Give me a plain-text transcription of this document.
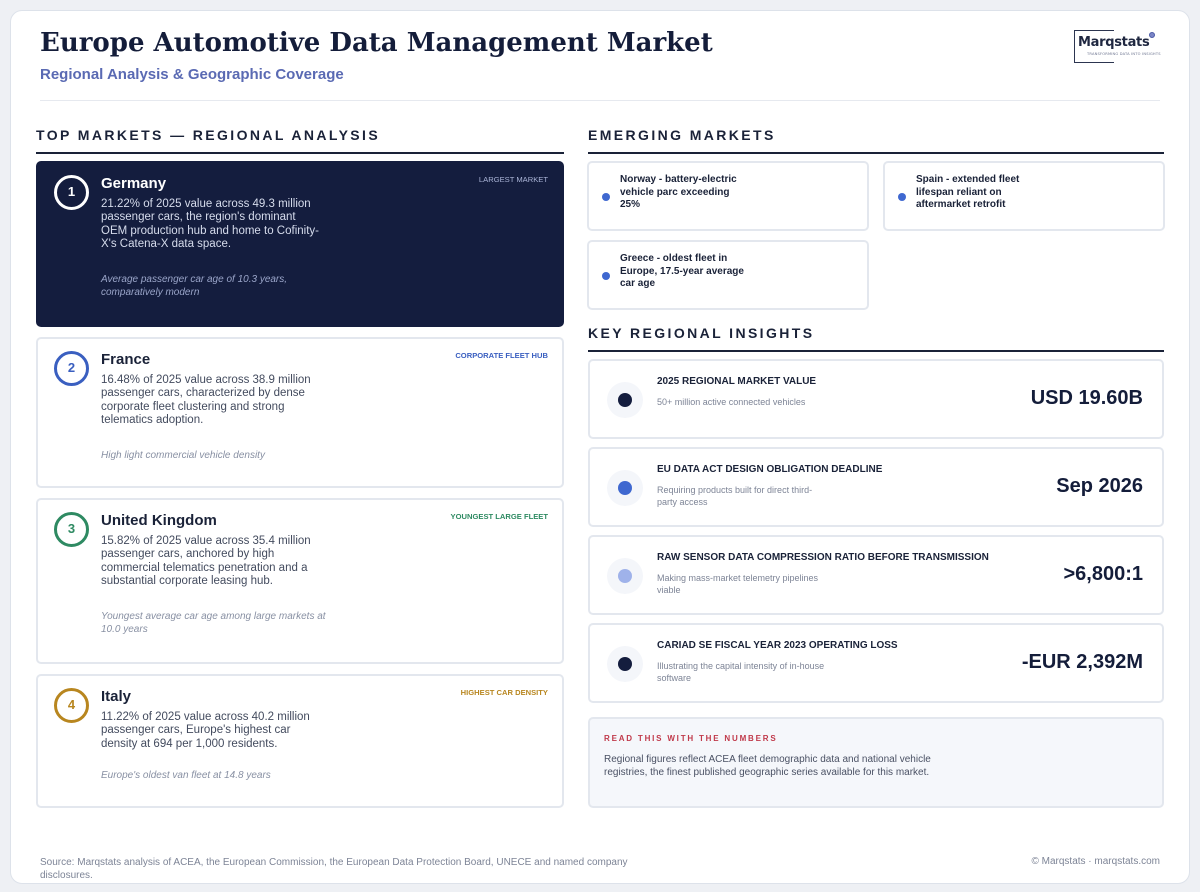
Europe Automotive Data Management Market
Regional Analysis & Geographic Coverage
Marqstats
TRANSFORMING DATA INTO INSIGHTS
TOP MARKETS — REGIONAL ANALYSIS
1	Germany	LARGEST MARKET
21.22% of 2025 value across 49.3 million passenger cars, the region's dominant OEM production hub and home to Cofinity-X's Catena-X data space.
Average passenger car age of 10.3 years, comparatively modern
2	France	CORPORATE FLEET HUB
16.48% of 2025 value across 38.9 million passenger cars, characterized by dense corporate fleet clustering and strong telematics adoption.
High light commercial vehicle density
3	United Kingdom	YOUNGEST LARGE FLEET
15.82% of 2025 value across 35.4 million passenger cars, anchored by high commercial telematics penetration and a substantial corporate leasing hub.
Youngest average car age among large markets at 10.0 years
4	Italy	HIGHEST CAR DENSITY
11.22% of 2025 value across 40.2 million passenger cars, Europe's highest car density at 694 per 1,000 residents.
Europe's oldest van fleet at 14.8 years
EMERGING MARKETS
Norway - battery-electric vehicle parc exceeding 25%
Spain - extended fleet lifespan reliant on aftermarket retrofit
Greece - oldest fleet in Europe, 17.5-year average car age
KEY REGIONAL INSIGHTS
2025 REGIONAL MARKET VALUE
50+ million active connected vehicles	USD 19.60B
EU DATA ACT DESIGN OBLIGATION DEADLINE
Requiring products built for direct third-party access
Sep 2026
RAW SENSOR DATA COMPRESSION RATIO BEFORE TRANSMISSION
Making mass-market telemetry pipelines viable
>6,800:1
CARIAD SE FISCAL YEAR 2023 OPERATING LOSS
Illustrating the capital intensity of in-house software
-EUR 2,392M
READ THIS WITH THE NUMBERS
Regional figures reflect ACEA fleet demographic data and national vehicle registries, the finest published geographic series available for this market.
Source: Marqstats analysis of ACEA, the European Commission, the European Data Protection Board, UNECE and named company disclosures.
© Marqstats · marqstats.com
